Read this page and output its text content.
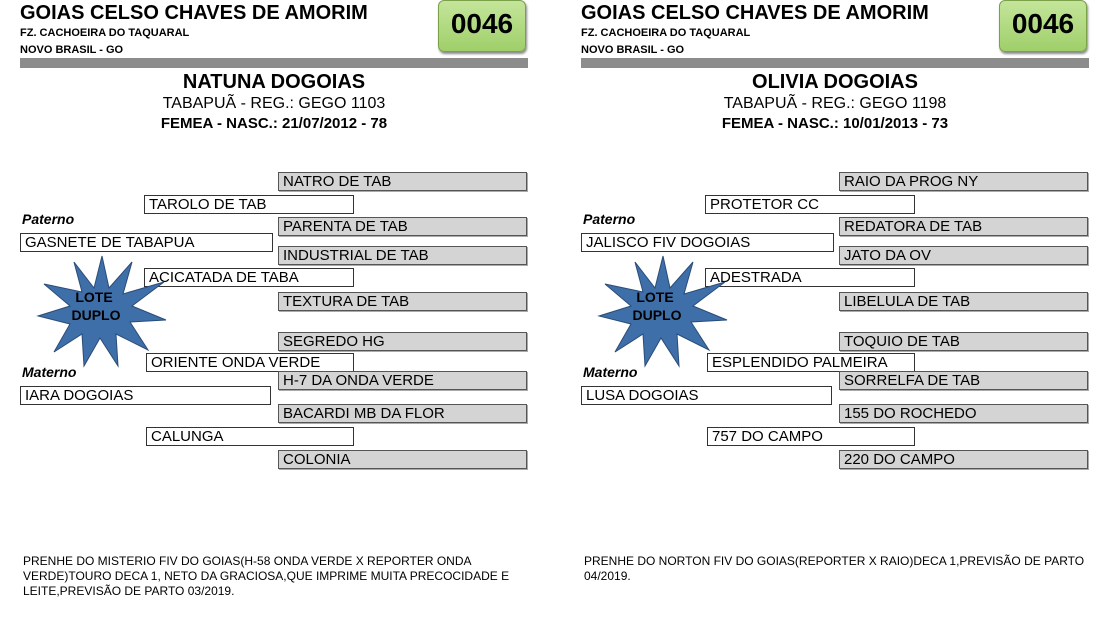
GOIAS CELSO CHAVES DE AMORIM
FZ. CACHOEIRA DO TAQUARAL
NOVO BRASIL - GO
0046
NATUNA DOGOIAS
TABAPUÃ - REG.: GEGO 1103
FEMEA - NASC.: 21/07/2012 - 78
NATRO DE TAB
TAROLO DE TAB
Paterno	PARENTA DE TAB
GASNETE DE TABAPUA
INDUSTRIAL DE TAB
ACICATADA DE TABA
TEXTURA DE TAB
LOTE
DUPLO
SEGREDO HG
ORIENTE ONDA VERDE
Materno	H-7 DA ONDA VERDE
IARA DOGOIAS
BACARDI MB DA FLOR
CALUNGA
COLONIA
PRENHE DO MISTERIO FIV DO GOIAS(H-58 ONDA VERDE X REPORTER ONDA VERDE)TOURO DECA 1, NETO DA GRACIOSA,QUE IMPRIME MUITA PRECOCIDADE E LEITE,PREVISÃO DE PARTO 03/2019.
GOIAS CELSO CHAVES DE AMORIM
FZ. CACHOEIRA DO TAQUARAL
NOVO BRASIL - GO
0046
OLIVIA DOGOIAS
TABAPUÃ - REG.: GEGO 1198
FEMEA - NASC.: 10/01/2013 - 73
RAIO DA PROG NY
PROTETOR CC
Paterno	REDATORA DE TAB
JALISCO FIV DOGOIAS
JATO DA OV
ADESTRADA
LIBELULA DE TAB
LOTE
DUPLO
TOQUIO DE TAB
ESPLENDIDO PALMEIRA
Materno	SORRELFA DE TAB
LUSA DOGOIAS
155 DO ROCHEDO
757 DO CAMPO
220 DO CAMPO
PRENHE DO NORTON FIV DO GOIAS(REPORTER X RAIO)DECA 1,PREVISÃO DE PARTO 04/2019.
